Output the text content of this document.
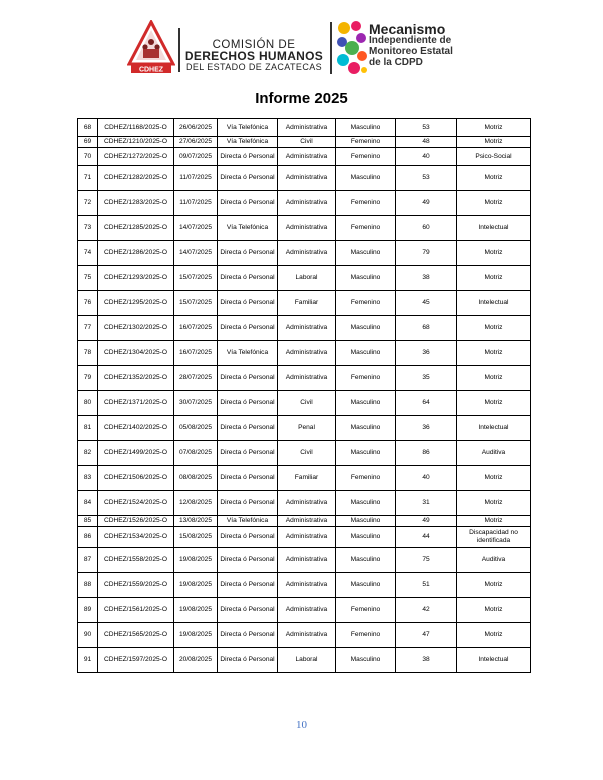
CDHEZ
COMISIÓN DE
DERECHOS HUMANOS
DEL ESTADO DE ZACATECAS
Mecanismo
Independiente de
Monitoreo Estatal
de la CDPD
Informe 2025
68	CDHEZ/1168/2025-O	26/06/2025	Vía Telefónica	Administrativa	Masculino	53	Motriz
69	CDHEZ/1210/2025-O	27/06/2025	Vía Telefónica	Civil	Femenino	48	Motriz
70	CDHEZ/1272/2025-O	09/07/2025	Directa ó Personal	Administrativa	Femenino	40	Psico-Social
71	CDHEZ/1282/2025-O	11/07/2025	Directa ó Personal	Administrativa	Masculino	53	Motriz
72	CDHEZ/1283/2025-O	11/07/2025	Directa ó Personal	Administrativa	Femenino	49	Motriz
73	CDHEZ/1285/2025-O	14/07/2025	Vía Telefónica	Administrativa	Femenino	60	Intelectual
74	CDHEZ/1286/2025-O	14/07/2025	Directa ó Personal	Administrativa	Masculino	79	Motriz
75	CDHEZ/1293/2025-O	15/07/2025	Directa ó Personal	Laboral	Masculino	38	Motriz
76	CDHEZ/1295/2025-O	15/07/2025	Directa ó Personal	Familiar	Femenino	45	Intelectual
77	CDHEZ/1302/2025-O	16/07/2025	Directa ó Personal	Administrativa	Masculino	68	Motriz
78	CDHEZ/1304/2025-O	16/07/2025	Vía Telefónica	Administrativa	Masculino	36	Motriz
79	CDHEZ/1352/2025-O	28/07/2025	Directa ó Personal	Administrativa	Femenino	35	Motriz
80	CDHEZ/1371/2025-O	30/07/2025	Directa ó Personal	Civil	Masculino	64	Motriz
81	CDHEZ/1402/2025-O	05/08/2025	Directa ó Personal	Penal	Masculino	36	Intelectual
82	CDHEZ/1499/2025-O	07/08/2025	Directa ó Personal	Civil	Masculino	86	Auditiva
83	CDHEZ/1506/2025-O	08/08/2025	Directa ó Personal	Familiar	Femenino	40	Motriz
84	CDHEZ/1524/2025-O	12/08/2025	Directa ó Personal	Administrativa	Masculino	31	Motriz
85	CDHEZ/1526/2025-O	13/08/2025	Vía Telefónica	Administrativa	Masculino	49	Motriz
86	CDHEZ/1534/2025-O	15/08/2025	Directa ó Personal	Administrativa	Masculino	44	Discapacidad no identificada
87	CDHEZ/1558/2025-O	19/08/2025	Directa ó Personal	Administrativa	Masculino	75	Auditiva
88	CDHEZ/1559/2025-O	19/08/2025	Directa ó Personal	Administrativa	Masculino	51	Motriz
89	CDHEZ/1561/2025-O	19/08/2025	Directa ó Personal	Administrativa	Femenino	42	Motriz
90	CDHEZ/1565/2025-O	19/08/2025	Directa ó Personal	Administrativa	Femenino	47	Motriz
91	CDHEZ/1597/2025-O	20/08/2025	Directa ó Personal	Laboral	Masculino	38	Intelectual
10
